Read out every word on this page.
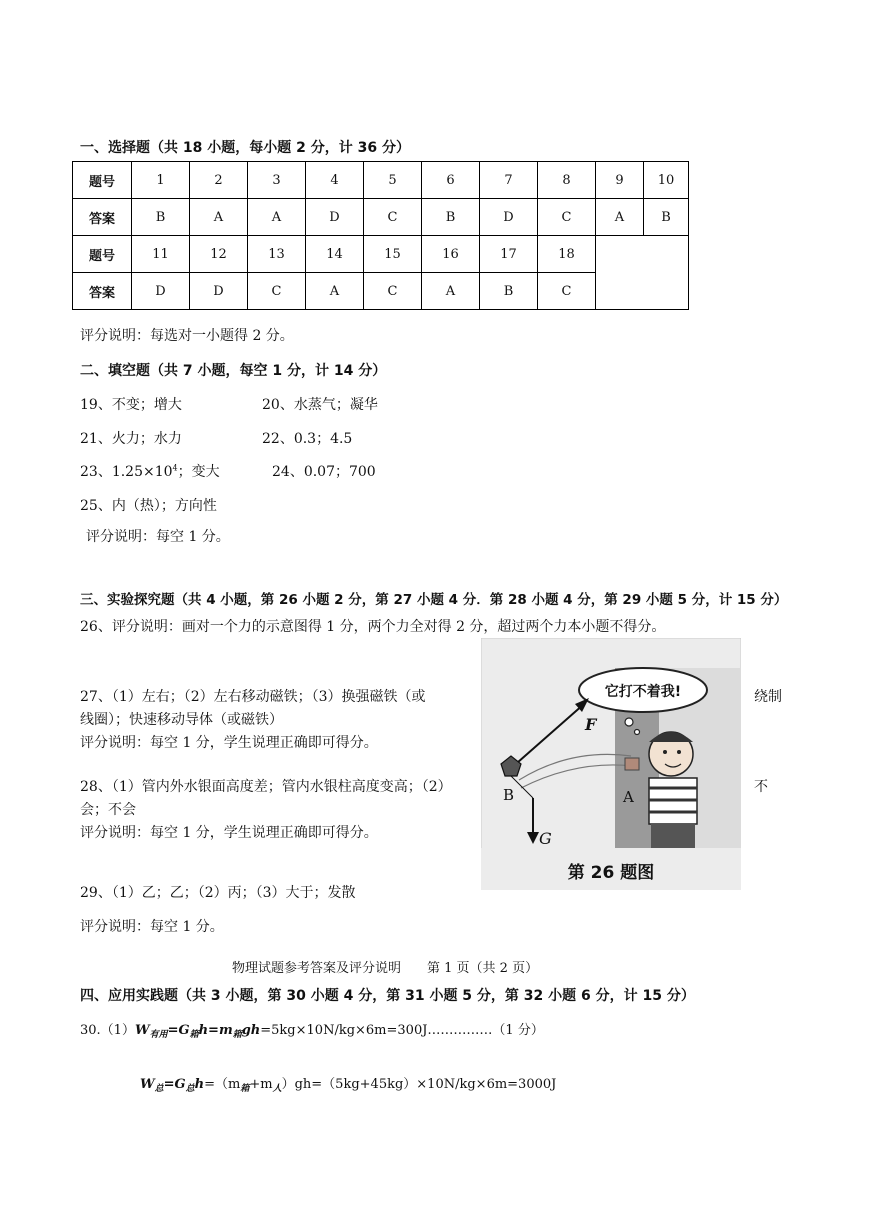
一、选择题（共 18 小题，每小题 2 分，计 36 分）
题号	1	2	3	4	5	6	7	8	9	10
答案	B	A	A	D	C	B	D	C	A	B
题号	11	12	13	14	15	16	17	18		
答案	D	D	C	A	C	A	B	C		
评分说明：每选对一小题得 2 分。
二、填空题（共 7 小题，每空 1 分，计 14 分）
19、不变；增大	20、水蒸气；凝华
21、火力；水力	22、0.3；4.5
23、$1.25\times 10^4$；变大	24、0.07；700
25、内（热）；方向性
评分说明：每空 1 分。
三、实验探究题（共 4 小题，第 26 小题 2 分，第 27 小题 4 分．第 28 小题 4 分，第 29 小题 5 分，计 15 分）
26、评分说明：画对一个力的示意图得 1 分，两个力全对得 2 分，超过两个力本小题不得分。
27、（1）左右；（2）左右移动磁铁；（3）换强磁铁（或	绕制
线圈）；快速移动导体（或磁铁）
评分说明：每空 1 分，学生说理正确即可得分。
28、（1）管内外水银面高度差；管内水银柱高度变高；（2）	不
会；不会
评分说明：每空 1 分，学生说理正确即可得分。
29、（1）乙；乙；（2）丙；（3）大于；发散
评分说明：每空 1 分。
它打不着我!
F
B	A
G
第 26 题图
物理试题参考答案及评分说明　　第 1 页（共 2 页）
四、应用实践题（共 3 小题，第 30 小题 4 分，第 31 小题 5 分，第 32 小题 6 分，计 15 分）
$30.(1)W_{有用}=G_箱h=m_箱gh=5kg\times 10N/kg\times 6m=300J\dots\dots\dots\dots\dots(1$ 分）
$W_总=G_总h=(m_箱+m_人)gh=(5kg+45kg)\times 10N/kg\times 6m=3000J$
